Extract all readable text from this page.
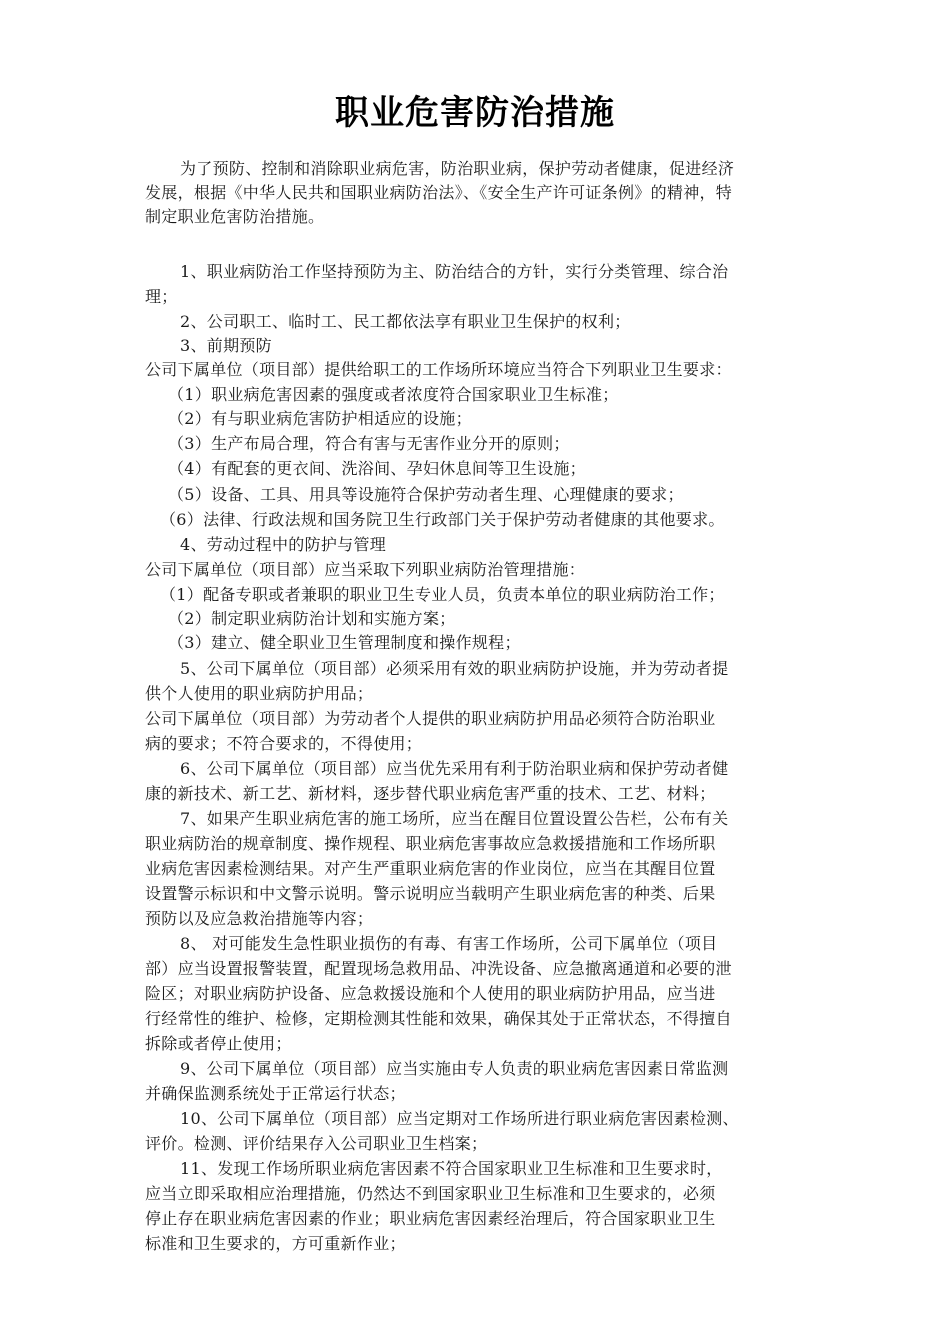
职业危害防治措施
为了预防、控制和消除职业病危害，防治职业病，保护劳动者健康，促进经济
发展，根据《中华人民共和国职业病防治法》、《安全生产许可证条例》的精神，特
制定职业危害防治措施。
1、职业病防治工作坚持预防为主、防治结合的方针，实行分类管理、综合治
理；
2、公司职工、临时工、民工都依法享有职业卫生保护的权利；
3、前期预防
公司下属单位（项目部）提供给职工的工作场所环境应当符合下列职业卫生要求：
（1）职业病危害因素的强度或者浓度符合国家职业卫生标准；
（2）有与职业病危害防护相适应的设施；
（3）生产布局合理，符合有害与无害作业分开的原则；
（4）有配套的更衣间、洗浴间、孕妇休息间等卫生设施；
（5）设备、工具、用具等设施符合保护劳动者生理、心理健康的要求；
（6）法律、行政法规和国务院卫生行政部门关于保护劳动者健康的其他要求。
4、劳动过程中的防护与管理
公司下属单位（项目部）应当采取下列职业病防治管理措施：
（1）配备专职或者兼职的职业卫生专业人员，负责本单位的职业病防治工作；
（2）制定职业病防治计划和实施方案；
（3）建立、健全职业卫生管理制度和操作规程；
5、公司下属单位（项目部）必须采用有效的职业病防护设施，并为劳动者提
供个人使用的职业病防护用品；
公司下属单位（项目部）为劳动者个人提供的职业病防护用品必须符合防治职业
病的要求；不符合要求的，不得使用；
6、公司下属单位（项目部）应当优先采用有利于防治职业病和保护劳动者健
康的新技术、新工艺、新材料，逐步替代职业病危害严重的技术、工艺、材料；
7、如果产生职业病危害的施工场所，应当在醒目位置设置公告栏，公布有关
职业病防治的规章制度、操作规程、职业病危害事故应急救援措施和工作场所职
业病危害因素检测结果。对产生严重职业病危害的作业岗位，应当在其醒目位置
设置警示标识和中文警示说明。警示说明应当载明产生职业病危害的种类、后果
预防以及应急救治措施等内容；
8、 对可能发生急性职业损伤的有毒、有害工作场所，公司下属单位（项目
部）应当设置报警装置，配置现场急救用品、冲洗设备、应急撤离通道和必要的泄
险区；对职业病防护设备、应急救援设施和个人使用的职业病防护用品，应当进
行经常性的维护、检修，定期检测其性能和效果，确保其处于正常状态，不得擅自
拆除或者停止使用；
9、公司下属单位（项目部）应当实施由专人负责的职业病危害因素日常监测
并确保监测系统处于正常运行状态；
10、公司下属单位（项目部）应当定期对工作场所进行职业病危害因素检测、
评价。检测、评价结果存入公司职业卫生档案；
11、发现工作场所职业病危害因素不符合国家职业卫生标准和卫生要求时，
应当立即采取相应治理措施，仍然达不到国家职业卫生标准和卫生要求的，必须
停止存在职业病危害因素的作业；职业病危害因素经治理后，符合国家职业卫生
标准和卫生要求的，方可重新作业；
